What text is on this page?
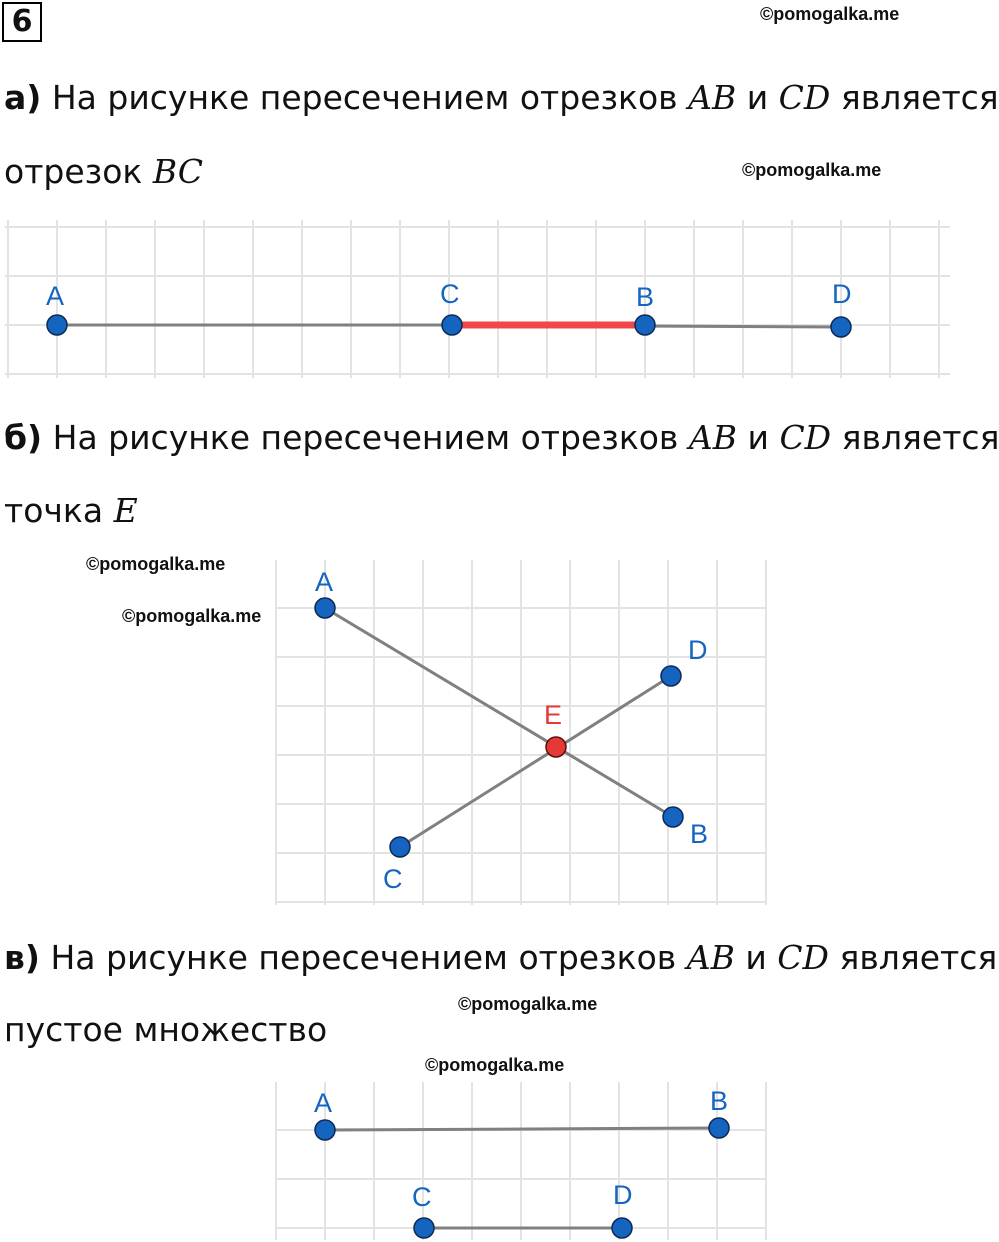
6	©pomogalka.me
а) На рисунке пересечением отрезков AB и CD является
отрезок BC	©pomogalka.me
A	C	B	D
б) На рисунке пересечением отрезков AB и CD является
точка E
©pomogalka.me
©pomogalka.me
A
D
E
B
C
в) На рисунке пересечением отрезков AB и CD является
©pomogalka.me
пустое множество
©pomogalka.me
A	B
C	D
